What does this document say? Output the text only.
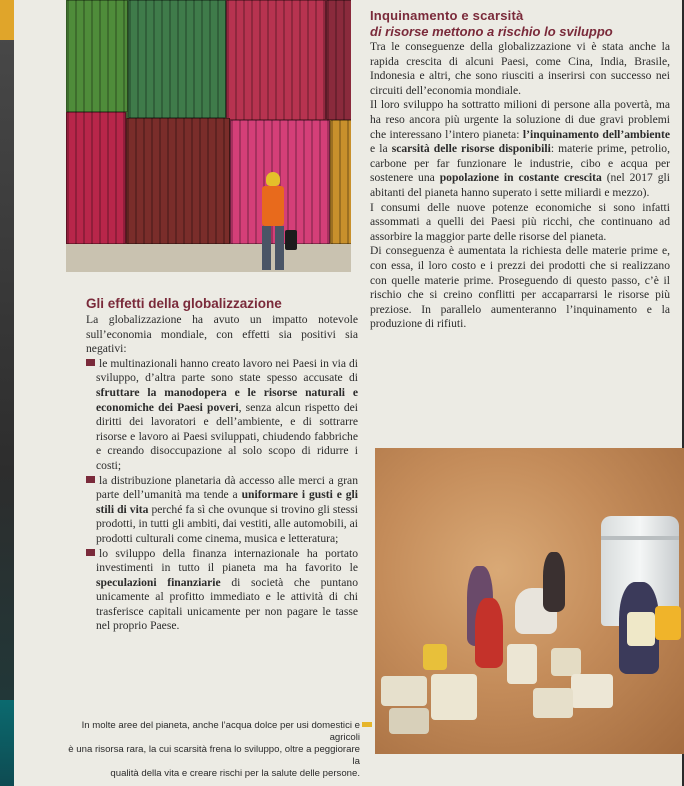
Inquinamento e scarsità
di risorse mettono a rischio lo sviluppo

Tra le conseguenze della globalizzazione vi è stata anche la rapida crescita di alcuni Paesi, come Cina, India, Brasile, Indonesia e altri, che sono riusciti a inserirsi con successo nei circuiti dell’economia mondiale.

Il loro sviluppo ha sottratto milioni di persone alla povertà, ma ha reso ancora più urgente la soluzione di due gravi problemi che interessano l’intero pianeta: l’inquinamento dell’ambiente e la scarsità delle risorse disponibili: materie prime, petrolio, carbone per far funzionare le industrie, cibo e acqua per sostenere una popolazione in costante crescita (nel 2017 gli abitanti del pianeta hanno superato i sette miliardi e mezzo).

I consumi delle nuove potenze economiche si sono infatti assommati a quelli dei Paesi più ricchi, che continuano ad assorbire la maggior parte delle risorse del pianeta.

Di conseguenza è aumentata la richiesta delle materie prime e, con essa, il loro costo e i prezzi dei prodotti che si realizzano con quelle materie prime. Proseguendo di questo passo, c’è il rischio che si creino conflitti per accaparrarsi le risorse più preziose. In parallelo aumenteranno l’inquinamento e la produzione di rifiuti.

Gli effetti della globalizzazione

La globalizzazione ha avuto un impatto notevole sull’economia mondiale, con effetti sia positivi sia negativi:

le multinazionali hanno creato lavoro nei Paesi in via di sviluppo, d’altra parte sono state spesso accusate di sfruttare la manodopera e le risorse naturali e economiche dei Paesi poveri, senza alcun rispetto dei diritti dei lavoratori e dell’ambiente, e di sottrarre risorse e lavoro ai Paesi sviluppati, chiudendo fabbriche e creando disoccupazione al solo scopo di ridurre i costi;

la distribuzione planetaria dà accesso alle merci a gran parte dell’umanità ma tende a uniformare i gusti e gli stili di vita perché fa sì che ovunque si trovino gli stessi prodotti, in tutti gli ambiti, dai vestiti, alle automobili, ai prodotti culturali come cinema, musica e letteratura;

lo sviluppo della finanza internazionale ha portato investimenti in tutto il pianeta ma ha favorito le speculazioni finanziarie di società che puntano unicamente al profitto immediato e le attività di chi trasferisce capitali unicamente per non pagare le tasse nel proprio Paese.

In molte aree del pianeta, anche l’acqua dolce per usi domestici e agricoli
è una risorsa rara, la cui scarsità frena lo sviluppo, oltre a peggiorare la
qualità della vita e creare rischi per la salute delle persone.
